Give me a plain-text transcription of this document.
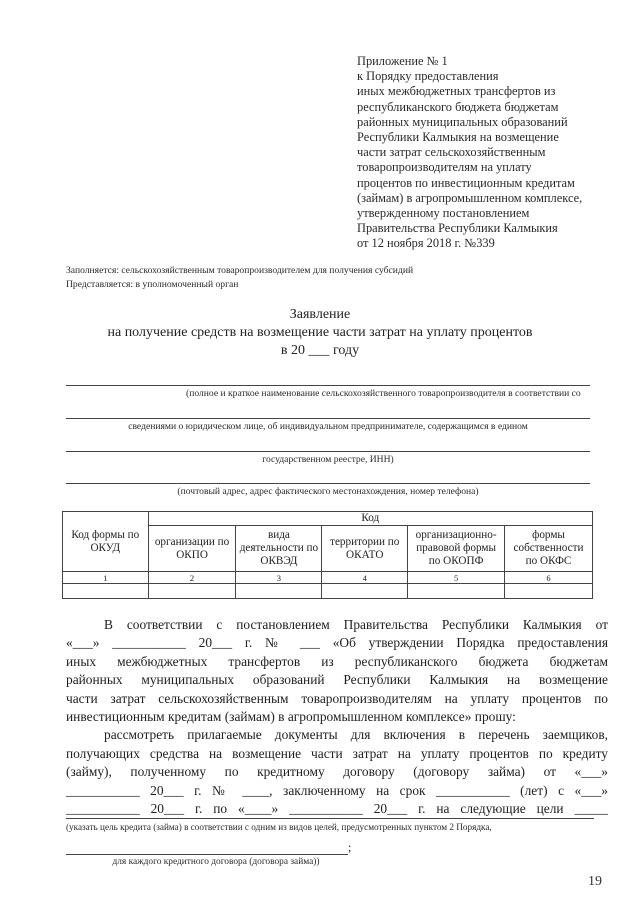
Приложение № 1
к Порядку предоставления
иных межбюджетных трансфертов из
республиканского бюджета бюджетам
районных муниципальных образований
Республики Калмыкия на возмещение
части затрат сельскохозяйственным
товаропроизводителям на уплату
процентов по инвестиционным кредитам
(займам) в агропромышленном комплексе,
утвержденному постановлением
Правительства Республики Калмыкия
от 12 ноября 2018 г. №339
Заполняется: сельскохозяйственным товаропроизводителем для получения субсидий
Представляется: в уполномоченный орган
Заявление
на получение средств на возмещение части затрат на уплату процентов
в 20 ___ году
(полное и краткое наименование сельскохозяйственного товаропроизводителя в соответствии со
сведениями о юридическом лице, об индивидуальном предпринимателе, содержащимся в едином
государственном реестре, ИНН)
(почтовый адрес, адрес фактического местонахождения, номер телефона)
Код формы по ОКУД	Код				
	организации по ОКПО	вида деятельности по ОКВЭД	территории по ОКАТО	организационно-правовой формы по ОКОПФ	формы собственности по ОКФС
1	2	3	4	5	6

В соответствии с постановлением Правительства Республики Калмыкия от
«___» ___________ 20___ г. № ___ «Об утверждении Порядка предоставления
иных межбюджетных трансфертов из республиканского бюджета бюджетам
районных муниципальных образований Республики Калмыкия на возмещение
части затрат сельскохозяйственным товаропроизводителям на уплату процентов по
инвестиционным кредитам (займам) в агропромышленном комплексе» прошу:
рассмотреть прилагаемые документы для включения в перечень заемщиков,
получающих средства на возмещение части затрат на уплату процентов по кредиту
(займу), полученному по кредитному договору (договору займа) от «___»
___________ 20___ г. № ____, заключенному на срок ___________ (лет) с «___»
___________ 20___ г. по «____» ___________ 20___ г. на следующие цели _____
(указать цель кредита (займа) в соответствии с одним из видов целей, предусмотренных пунктом 2 Порядка,
;
для каждого кредитного договора (договора займа))
19
